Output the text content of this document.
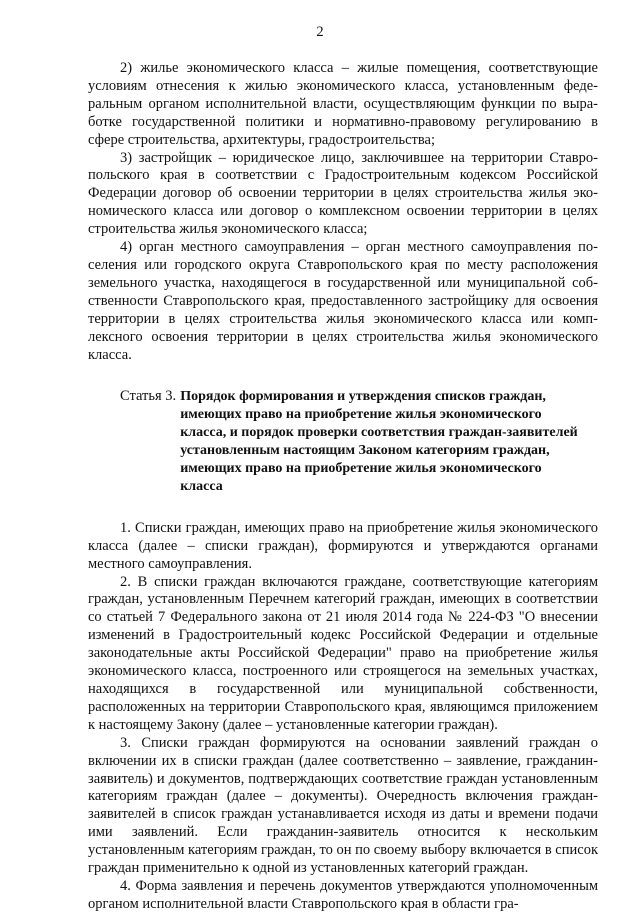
2

2) жилье экономического класса – жилые помещения, соответствующие условиям отнесения к жилью экономического класса, установленным федеральным органом исполнительной власти, осуществляющим функции по выработке государственной политики и нормативно-правовому регулированию в сфере строительства, архитектуры, градостроительства;

3) застройщик – юридическое лицо, заключившее на территории Ставропольского края в соответствии с Градостроительным кодексом Российской Федерации договор об освоении территории в целях строительства жилья экономического класса или договор о комплексном освоении территории в целях строительства жилья экономического класса;

4) орган местного самоуправления – орган местного самоуправления поселения или городского округа Ставропольского края по месту расположения земельного участка, находящегося в государственной или муниципальной собственности Ставропольского края, предоставленного застройщику для освоения территории в целях строительства жилья экономического класса или комплексного освоения территории в целях строительства жилья экономического класса.

Статья 3. Порядок формирования и утверждения списков граждан,
имеющих право на приобретение жилья экономического
класса, и порядок проверки соответствия граждан-заявителей
установленным настоящим Законом категориям граждан,
имеющих право на приобретение жилья экономического
класса

1. Списки граждан, имеющих право на приобретение жилья экономического класса (далее – списки граждан), формируются и утверждаются органами местного самоуправления.

2. В списки граждан включаются граждане, соответствующие категориям граждан, установленным Перечнем категорий граждан, имеющих в соответствии со статьей 7 Федерального закона от 21 июля 2014 года № 224-ФЗ "О внесении изменений в Градостроительный кодекс Российской Федерации и отдельные законодательные акты Российской Федерации" право на приобретение жилья экономического класса, построенного или строящегося на земельных участках, находящихся в государственной или муниципальной собственности, расположенных на территории Ставропольского края, являющимся приложением к настоящему Закону (далее – установленные категории граждан).

3. Списки граждан формируются на основании заявлений граждан о включении их в списки граждан (далее соответственно – заявление, гражданин-заявитель) и документов, подтверждающих соответствие граждан установленным категориям граждан (далее – документы). Очередность включения граждан-заявителей в список граждан устанавливается исходя из даты и времени подачи ими заявлений. Если гражданин-заявитель относится к нескольким установленным категориям граждан, то он по своему выбору включается в список граждан применительно к одной из установленных категорий граждан.

4. Форма заявления и перечень документов утверждаются уполномоченным органом исполнительной власти Ставропольского края в области гра-
